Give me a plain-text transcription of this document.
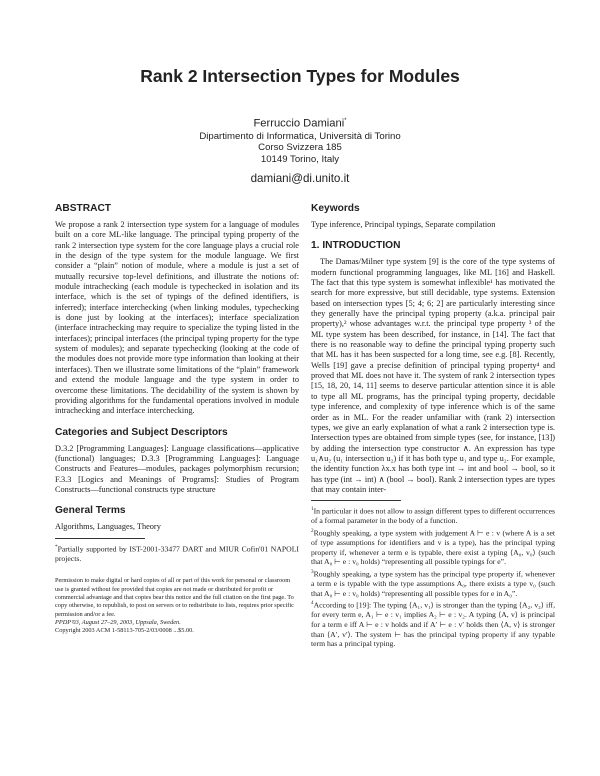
Rank 2 Intersection Types for Modules
Ferruccio Damiani*
Dipartimento di Informatica, Università di Torino
Corso Svizzera 185
10149 Torino, Italy
damiani@di.unito.it
ABSTRACT

We propose a rank 2 intersection type system for a language of modules built on a core ML-like language. The principal typing property of the rank 2 intersection type system for the core language plays a crucial role in the design of the type system for the module language. We first consider a “plain” notion of module, where a module is just a set of mutually recursive top-level definitions, and illustrate the notions of: module intrachecking (each module is typechecked in isolation and its interface, which is the set of typings of the defined identifiers, is inferred); interface interchecking (when linking modules, typechecking is done just by looking at the interfaces); interface specialization (interface intrachecking may require to specialize the typing listed in the interfaces); principal interfaces (the principal typing property for the type system of modules); and separate typechecking (looking at the code of the modules does not provide more type information than looking at their interfaces). Then we illustrate some limitations of the “plain” framework and extend the module language and the type system in order to overcome these limitations. The decidability of the system is shown by providing algorithms for the fundamental operations involved in module intrachecking and interface interchecking.

Categories and Subject Descriptors

D.3.2 [Programming Languages]: Language classifications—applicative (functional) languages; D.3.3 [Programming Languages]: Language Constructs and Features—modules, packages polymorphism recursion; F.3.3 [Logics and Meanings of Programs]: Studies of Program Constructs—functional constructs type structure

General Terms

Algorithms, Languages, Theory

*Partially supported by IST-2001-33477 DART and MIUR Cofin'01 NAPOLI projects.

Permission to make digital or hard copies of all or part of this work for personal or classroom use is granted without fee provided that copies are not made or distributed for profit or commercial advantage and that copies bear this notice and the full citation on the first page. To copy otherwise, to republish, to post on servers or to redistribute to lists, requires prior specific permission and/or a fee.

PPDP'03, August 27–29, 2003, Uppsala, Sweden.

Copyright 2003 ACM 1-58113-705-2/03/0008 ...$5.00.

Keywords

Type inference, Principal typings, Separate compilation

1. INTRODUCTION

The Damas/Milner type system [9] is the core of the type systems of modern functional programming languages, like ML [16] and Haskell. The fact that this type system is somewhat inflexible¹ has motivated the search for more expressive, but still decidable, type systems. Extension based on intersection types [5; 4; 6; 2] are particularly interesting since they generally have the principal typing property (a.k.a. principal pair property),² whose advantages w.r.t. the principal type property ³ of the ML type system has been described, for instance, in [14]. The fact that there is no reasonable way to define the principal typing property such that ML has it has been suspected for a long time, see e.g. [8]. Recently, Wells [19] gave a precise definition of principal typing property⁴ and proved that ML does not have it. The system of rank 2 intersection types [15, 18, 20, 14, 11] seems to deserve particular attention since it is able to type all ML programs, has the principal typing property, decidable type inference, and complexity of type inference which is of the same order as in ML. For the reader unfamiliar with (rank 2) intersection types, we give an early explanation of what a rank 2 intersection type is. Intersection types are obtained from simple types (see, for instance, [13]) by adding the intersection type constructor ∧. An expression has type u₁∧u₂ (u₁ intersection u₂) if it has both type u₁ and type u₂. For example, the identity function λx.x has both type int → int and bool → bool, so it has type (int → int) ∧ (bool → bool). Rank 2 intersection types are types that may contain inter-

$^1$In particular it does not allow to assign different types to different occurrences of a formal parameter in the body of a function.

$^2$Roughly speaking, a type system with judgement A ⊢ e : v (where A is a set of type assumptions for identifiers and v is a type), has the principal typing property if, whenever a term e is typable, there exist a typing ⟨A₀, v₀⟩ (such that A₀ ⊢ e : v₀ holds) “representing all possible typings for e”.

$^3$Roughly speaking, a type system has the principal type property if, whenever a term e is typable with the type assumptions A₀, there exists a type v₀ (such that A₀ ⊢ e : v₀ holds) “representing all possible types for e in A₀”.

$^4$According to [19]: The typing ⟨A₁, v₁⟩ is stronger than the typing ⟨A₂, v₂⟩ iff, for every term e, A₁ ⊢ e : v₁ implies A₂ ⊢ e : v₂. A typing ⟨A, v⟩ is principal for a term e iff A ⊢ e : v holds and if A′ ⊢ e : v′ holds then ⟨A, v⟩ is stronger than ⟨A′, v′⟩. The system ⊢ has the principal typing property if any typable term has a principal typing.
